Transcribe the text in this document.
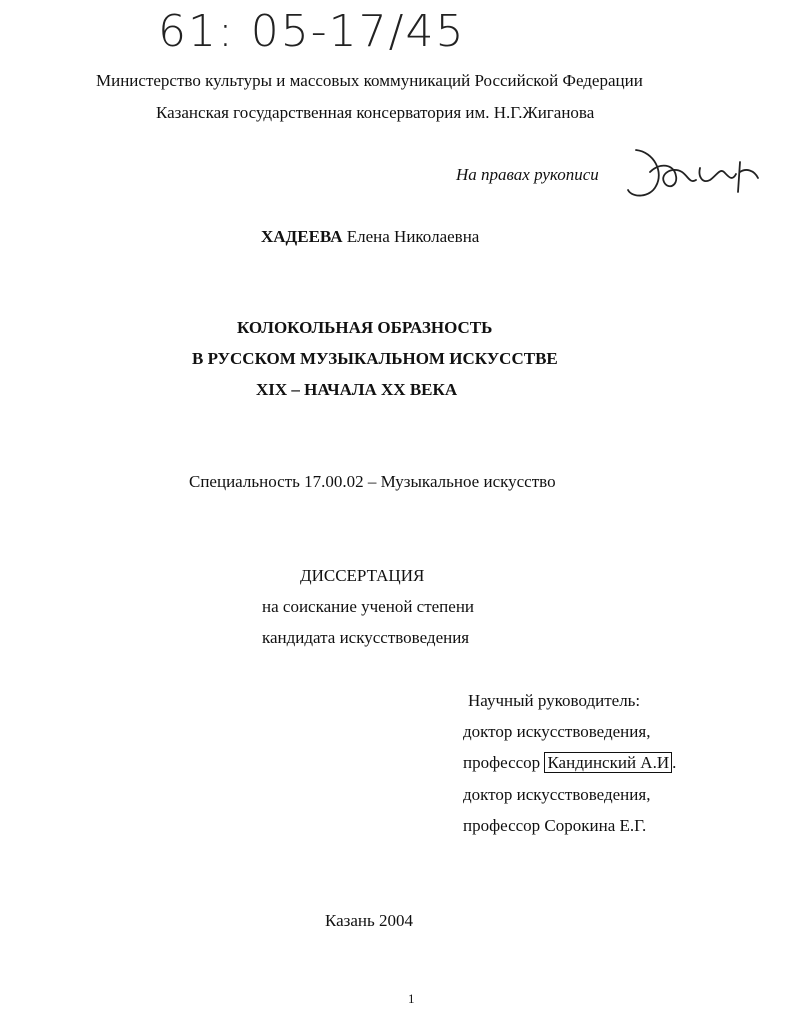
61: 05-17/45
Министерство культуры и массовых коммуникаций Российской Федерации
Казанская государственная консерватория им. Н.Г.Жиганова
На правах рукописи
ХАДЕЕВА Елена Николаевна
КОЛОКОЛЬНАЯ ОБРАЗНОСТЬ
В РУССКОМ МУЗЫКАЛЬНОМ ИСКУССТВЕ
XIX – НАЧАЛА XX ВЕКА
Специальность 17.00.02 – Музыкальное искусство
ДИССЕРТАЦИЯ
на соискание ученой степени
кандидата искусствоведения
Научный руководитель:
доктор искусствоведения,
профессор Кандинский А.И .
доктор искусствоведения,
профессор Сорокина Е.Г.
Казань 2004
1
